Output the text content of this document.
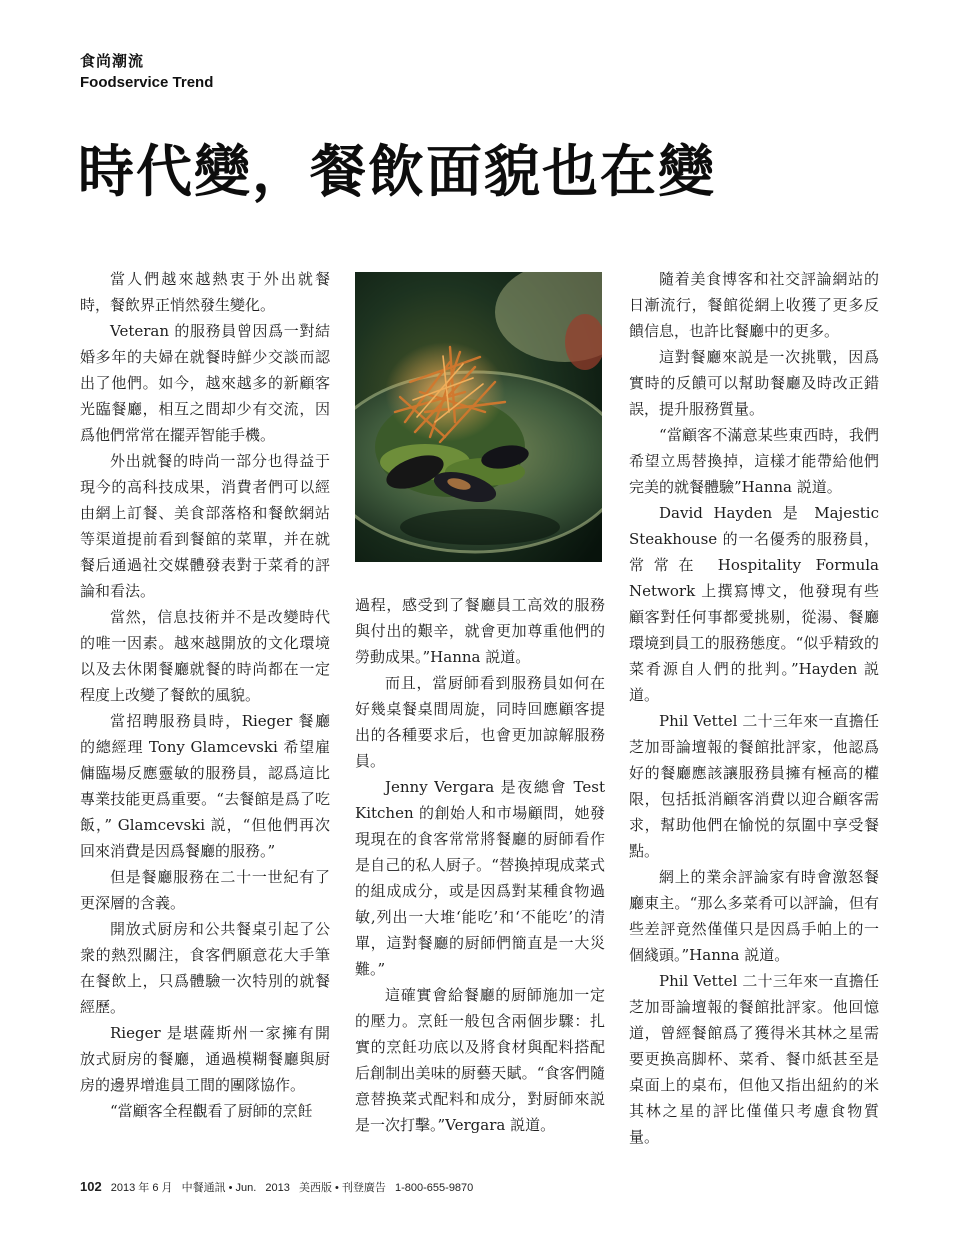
食尚潮流
Foodservice Trend
時代變，餐飲面貌也在變

當人們越來越熱衷于外出就餐時，餐飲界正悄然發生變化。

Veteran 的服務員曾因爲一對結婚多年的夫婦在就餐時鮮少交談而認出了他們。如今，越來越多的新顧客光臨餐廳，相互之間却少有交流，因爲他們常常在擺弄智能手機。

外出就餐的時尚一部分也得益于現今的高科技成果，消費者們可以經由網上訂餐、美食部落格和餐飲網站等渠道提前看到餐館的菜單，并在就餐后通過社交媒體發表對于菜肴的評論和看法。

當然，信息技術并不是改變時代的唯一因素。越來越開放的文化環境以及去休閑餐廳就餐的時尚都在一定程度上改變了餐飲的風貌。

當招聘服務員時，Rieger 餐廳的總經理 Tony Glamcevski 希望雇傭臨場反應靈敏的服務員，認爲這比專業技能更爲重要。“去餐館是爲了吃飯，” Glamcevski 説，“但他們再次回來消費是因爲餐廳的服務。”

但是餐廳服務在二十一世紀有了更深層的含義。

開放式厨房和公共餐桌引起了公衆的熱烈關注，食客們願意花大手筆在餐飲上，只爲體驗一次特別的就餐經歷。

Rieger 是堪薩斯州一家擁有開放式厨房的餐廳，通過模糊餐廳與厨房的邊界增進員工間的團隊協作。

“當顧客全程觀看了厨師的烹飪

過程，感受到了餐廳員工高效的服務與付出的艱辛，就會更加尊重他們的勞動成果。”Hanna 説道。

而且，當厨師看到服務員如何在好幾桌餐桌間周旋，同時回應顧客提出的各種要求后，也會更加諒解服務員。

Jenny Vergara 是夜總會 Test Kitchen 的創始人和市場顧問，她發現現在的食客常常將餐廳的厨師看作是自己的私人厨子。“替換掉現成菜式的組成成分，或是因爲對某種食物過敏,列出一大堆‘能吃’和‘不能吃’的清單，這對餐廳的厨師們簡直是一大災難。”

這確實會給餐廳的厨師施加一定的壓力。烹飪一般包含兩個步驟：扎實的烹飪功底以及將食材與配料搭配后創制出美味的厨藝天賦。“食客們隨意替换菜式配料和成分，對厨師來説是一次打擊。”Vergara 説道。

隨着美食博客和社交評論網站的日漸流行，餐館從網上收獲了更多反饋信息，也許比餐廳中的更多。

這對餐廳來説是一次挑戰，因爲實時的反饋可以幫助餐廳及時改正錯誤，提升服務質量。

“當顧客不滿意某些東西時，我們希望立馬替換掉，這樣才能帶給他們完美的就餐體驗”Hanna 説道。

David Hayden 是 Majestic Steakhouse 的一名優秀的服務員，常常在 Hospitality Formula Network 上撰寫博文，他發現有些顧客對任何事都愛挑剔，從湯、餐廳環境到員工的服務態度。“似乎精致的菜肴源自人們的批判。”Hayden 説道。

Phil Vettel 二十三年來一直擔任芝加哥論壇報的餐館批評家，他認爲好的餐廳應該讓服務員擁有極高的權限，包括抵消顧客消費以迎合顧客需求，幫助他們在愉悦的氛圍中享受餐點。

網上的業余評論家有時會激怒餐廳東主。“那么多菜肴可以評論，但有些差評竟然僅僅只是因爲手帕上的一個綫頭。”Hanna 説道。

Phil Vettel 二十三年來一直擔任芝加哥論壇報的餐館批評家。他回憶道，曾經餐館爲了獲得米其林之星需要更换高脚杯、菜肴、餐巾紙甚至是桌面上的桌布，但他又指出紐約的米其林之星的評比僅僅只考慮食物質量。

102 2013 年 6 月 中餐通訊 • Jun. 2013 美西版 • 刊登廣告 1-800-655-9870
